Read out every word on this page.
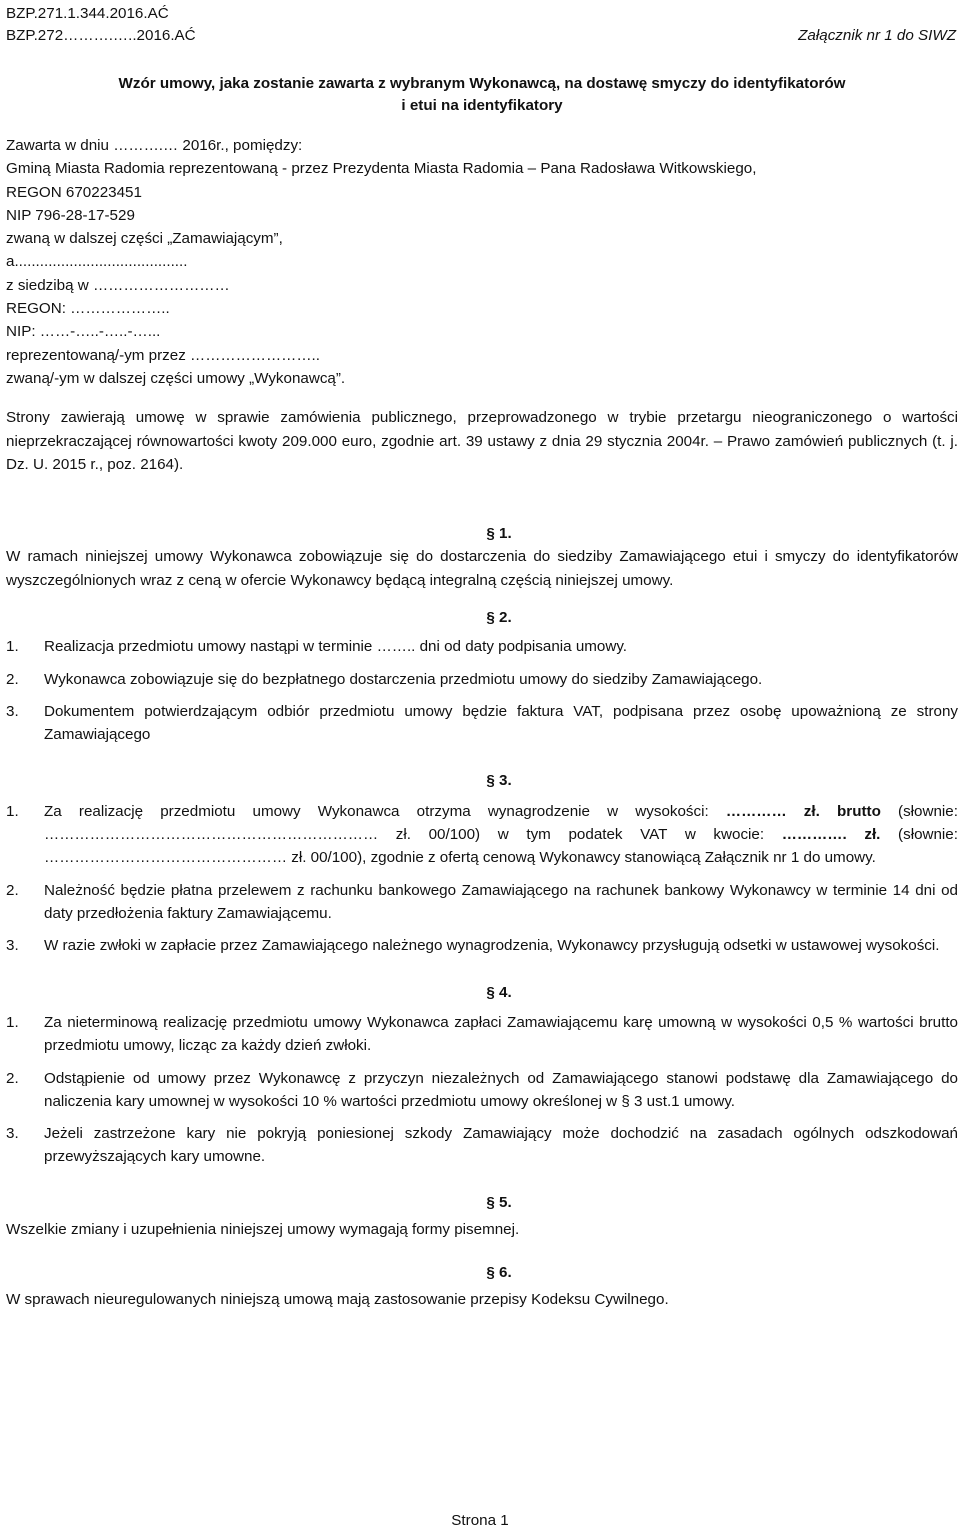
BZP.271.1.344.2016.AĆ
BZP.272……….…..2016.AĆ	Załącznik nr 1 do SIWZ
Wzór umowy, jaka zostanie zawarta z wybranym Wykonawcą, na dostawę smyczy do identyfikatorów
i etui na identyfikatory
Zawarta w dniu ……….… 2016r., pomiędzy:
Gminą Miasta Radomia reprezentowaną - przez Prezydenta Miasta Radomia – Pana Radosława Witkowskiego,
REGON 670223451
NIP 796-28-17-529
zwaną w dalszej części „Zamawiającym”,
a.........................................
z siedzibą w ………………………
REGON: ………………..
NIP: ……-…..-…..-…...
reprezentowaną/-ym przez ……………………..
zwaną/-ym w dalszej części umowy „Wykonawcą”.
Strony zawierają umowę w sprawie zamówienia publicznego, przeprowadzonego w trybie przetargu nieograniczonego o wartości nieprzekraczającej równowartości kwoty 209.000 euro, zgodnie art. 39 ustawy z dnia 29 stycznia 2004r. – Prawo zamówień publicznych (t. j. Dz. U. 2015 r., poz. 2164).
§ 1.
W ramach niniejszej umowy Wykonawca zobowiązuje się do dostarczenia do siedziby Zamawiającego etui i smyczy do identyfikatorów wyszczególnionych wraz z ceną w ofercie Wykonawcy będącą integralną częścią niniejszej umowy.
§ 2.
1.	Realizacja przedmiotu umowy nastąpi w terminie …….. dni od daty podpisania umowy.
2.	Wykonawca zobowiązuje się do bezpłatnego dostarczenia przedmiotu umowy do siedziby Zamawiającego.
3.	Dokumentem potwierdzającym odbiór przedmiotu umowy będzie faktura VAT, podpisana przez osobę upoważnioną ze strony Zamawiającego
§ 3.
1.	Za realizację przedmiotu umowy Wykonawca otrzyma wynagrodzenie w wysokości: ………… zł. brutto (słownie: ………………………………………………………… zł. 00/100) w tym podatek VAT w kwocie: …………. zł. (słownie: ………………………………………… zł. 00/100), zgodnie z ofertą cenową Wykonawcy stanowiącą Załącznik nr 1 do umowy.
2.	Należność będzie płatna przelewem z rachunku bankowego Zamawiającego na rachunek bankowy Wykonawcy w terminie 14 dni od daty przedłożenia faktury Zamawiającemu.
3.	W razie zwłoki w zapłacie przez Zamawiającego należnego wynagrodzenia, Wykonawcy przysługują odsetki w ustawowej wysokości.
§ 4.
1.	Za nieterminową realizację przedmiotu umowy Wykonawca zapłaci Zamawiającemu karę umowną w wysokości 0,5 % wartości brutto przedmiotu umowy, licząc za każdy dzień zwłoki.
2.	Odstąpienie od umowy przez Wykonawcę z przyczyn niezależnych od Zamawiającego stanowi podstawę dla Zamawiającego do naliczenia kary umownej w wysokości 10 % wartości przedmiotu umowy określonej w § 3 ust.1 umowy.
3.	Jeżeli zastrzeżone kary nie pokryją poniesionej szkody Zamawiający może dochodzić na zasadach ogólnych odszkodowań przewyższających kary umowne.
§ 5.
Wszelkie zmiany i uzupełnienia niniejszej umowy wymagają formy pisemnej.
§ 6.
W sprawach nieuregulowanych niniejszą umową mają zastosowanie przepisy Kodeksu Cywilnego.
Strona 1
